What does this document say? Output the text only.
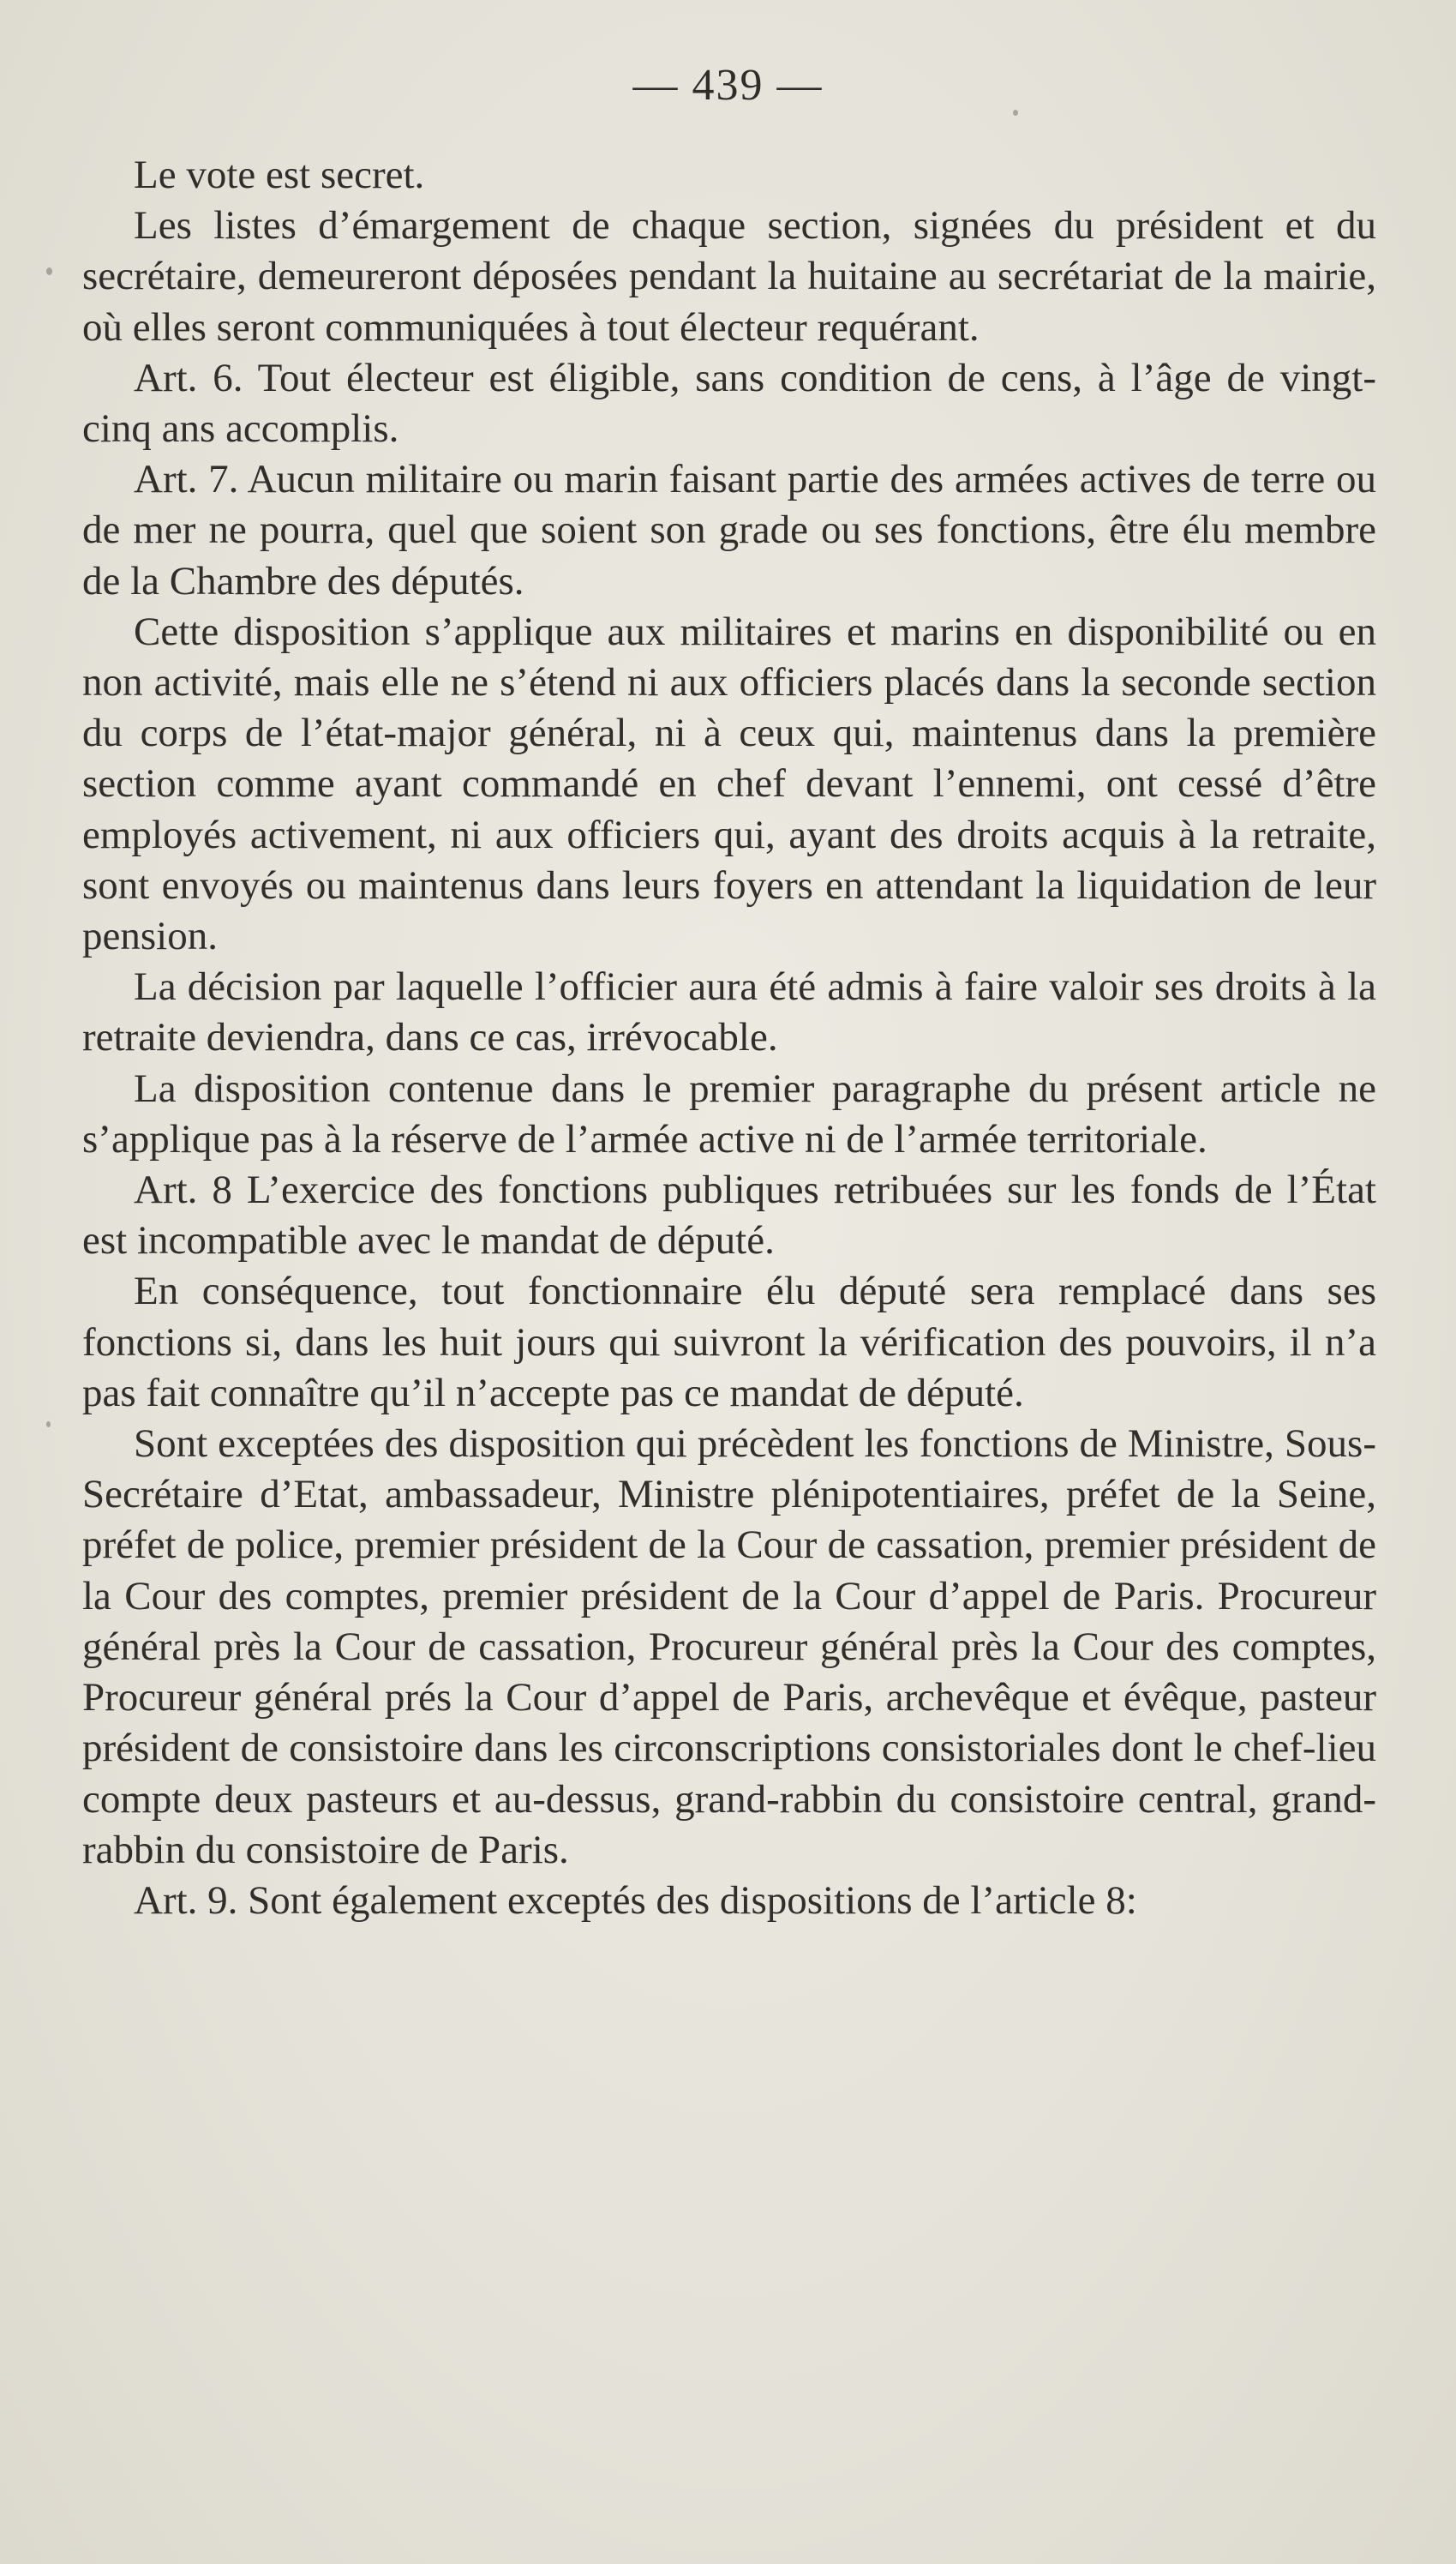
— 439 —

Le vote est secret.

Les listes d’émargement de chaque section, signées du président et du secrétaire, demeureront déposées pendant la huitaine au secrétariat de la mairie, où elles seront communiquées à tout électeur requérant.

Art. 6. Tout électeur est éligible, sans condition de cens, à l’âge de vingt-cinq ans accomplis.

Art. 7. Aucun militaire ou marin faisant partie des armées actives de terre ou de mer ne pourra, quel que soient son grade ou ses fonctions, être élu membre de la Chambre des députés.

Cette disposition s’applique aux militaires et marins en disponibilité ou en non activité, mais elle ne s’étend ni aux officiers placés dans la seconde section du corps de l’état-major général, ni à ceux qui, maintenus dans la première section comme ayant commandé en chef devant l’ennemi, ont cessé d’être employés activement, ni aux officiers qui, ayant des droits acquis à la retraite, sont envoyés ou maintenus dans leurs foyers en attendant la liquidation de leur pension.

La décision par laquelle l’officier aura été admis à faire valoir ses droits à la retraite deviendra, dans ce cas, irrévocable.

La disposition contenue dans le premier paragraphe du présent article ne s’applique pas à la réserve de l’armée active ni de l’armée territoriale.

Art. 8 L’exercice des fonctions publiques retribuées sur les fonds de l’État est incompatible avec le mandat de député.

En conséquence, tout fonctionnaire élu député sera remplacé dans ses fonctions si, dans les huit jours qui suivront la vérification des pouvoirs, il n’a pas fait connaître qu’il n’accepte pas ce mandat de député.

Sont exceptées des disposition qui précèdent les fonctions de Ministre, Sous-Secrétaire d’Etat, ambassadeur, Ministre plénipotentiaires, préfet de la Seine, préfet de police, premier président de la Cour de cassation, premier président de la Cour des comptes, premier président de la Cour d’appel de Paris. Procureur général près la Cour de cassation, Procureur général près la Cour des comptes, Procureur général prés la Cour d’appel de Paris, archevêque et évêque, pasteur président de consistoire dans les circonscriptions consistoriales dont le chef-lieu compte deux pasteurs et au-dessus, grand-rabbin du consistoire central, grand-rabbin du consistoire de Paris.

Art. 9. Sont également exceptés des dispositions de l’article 8:
